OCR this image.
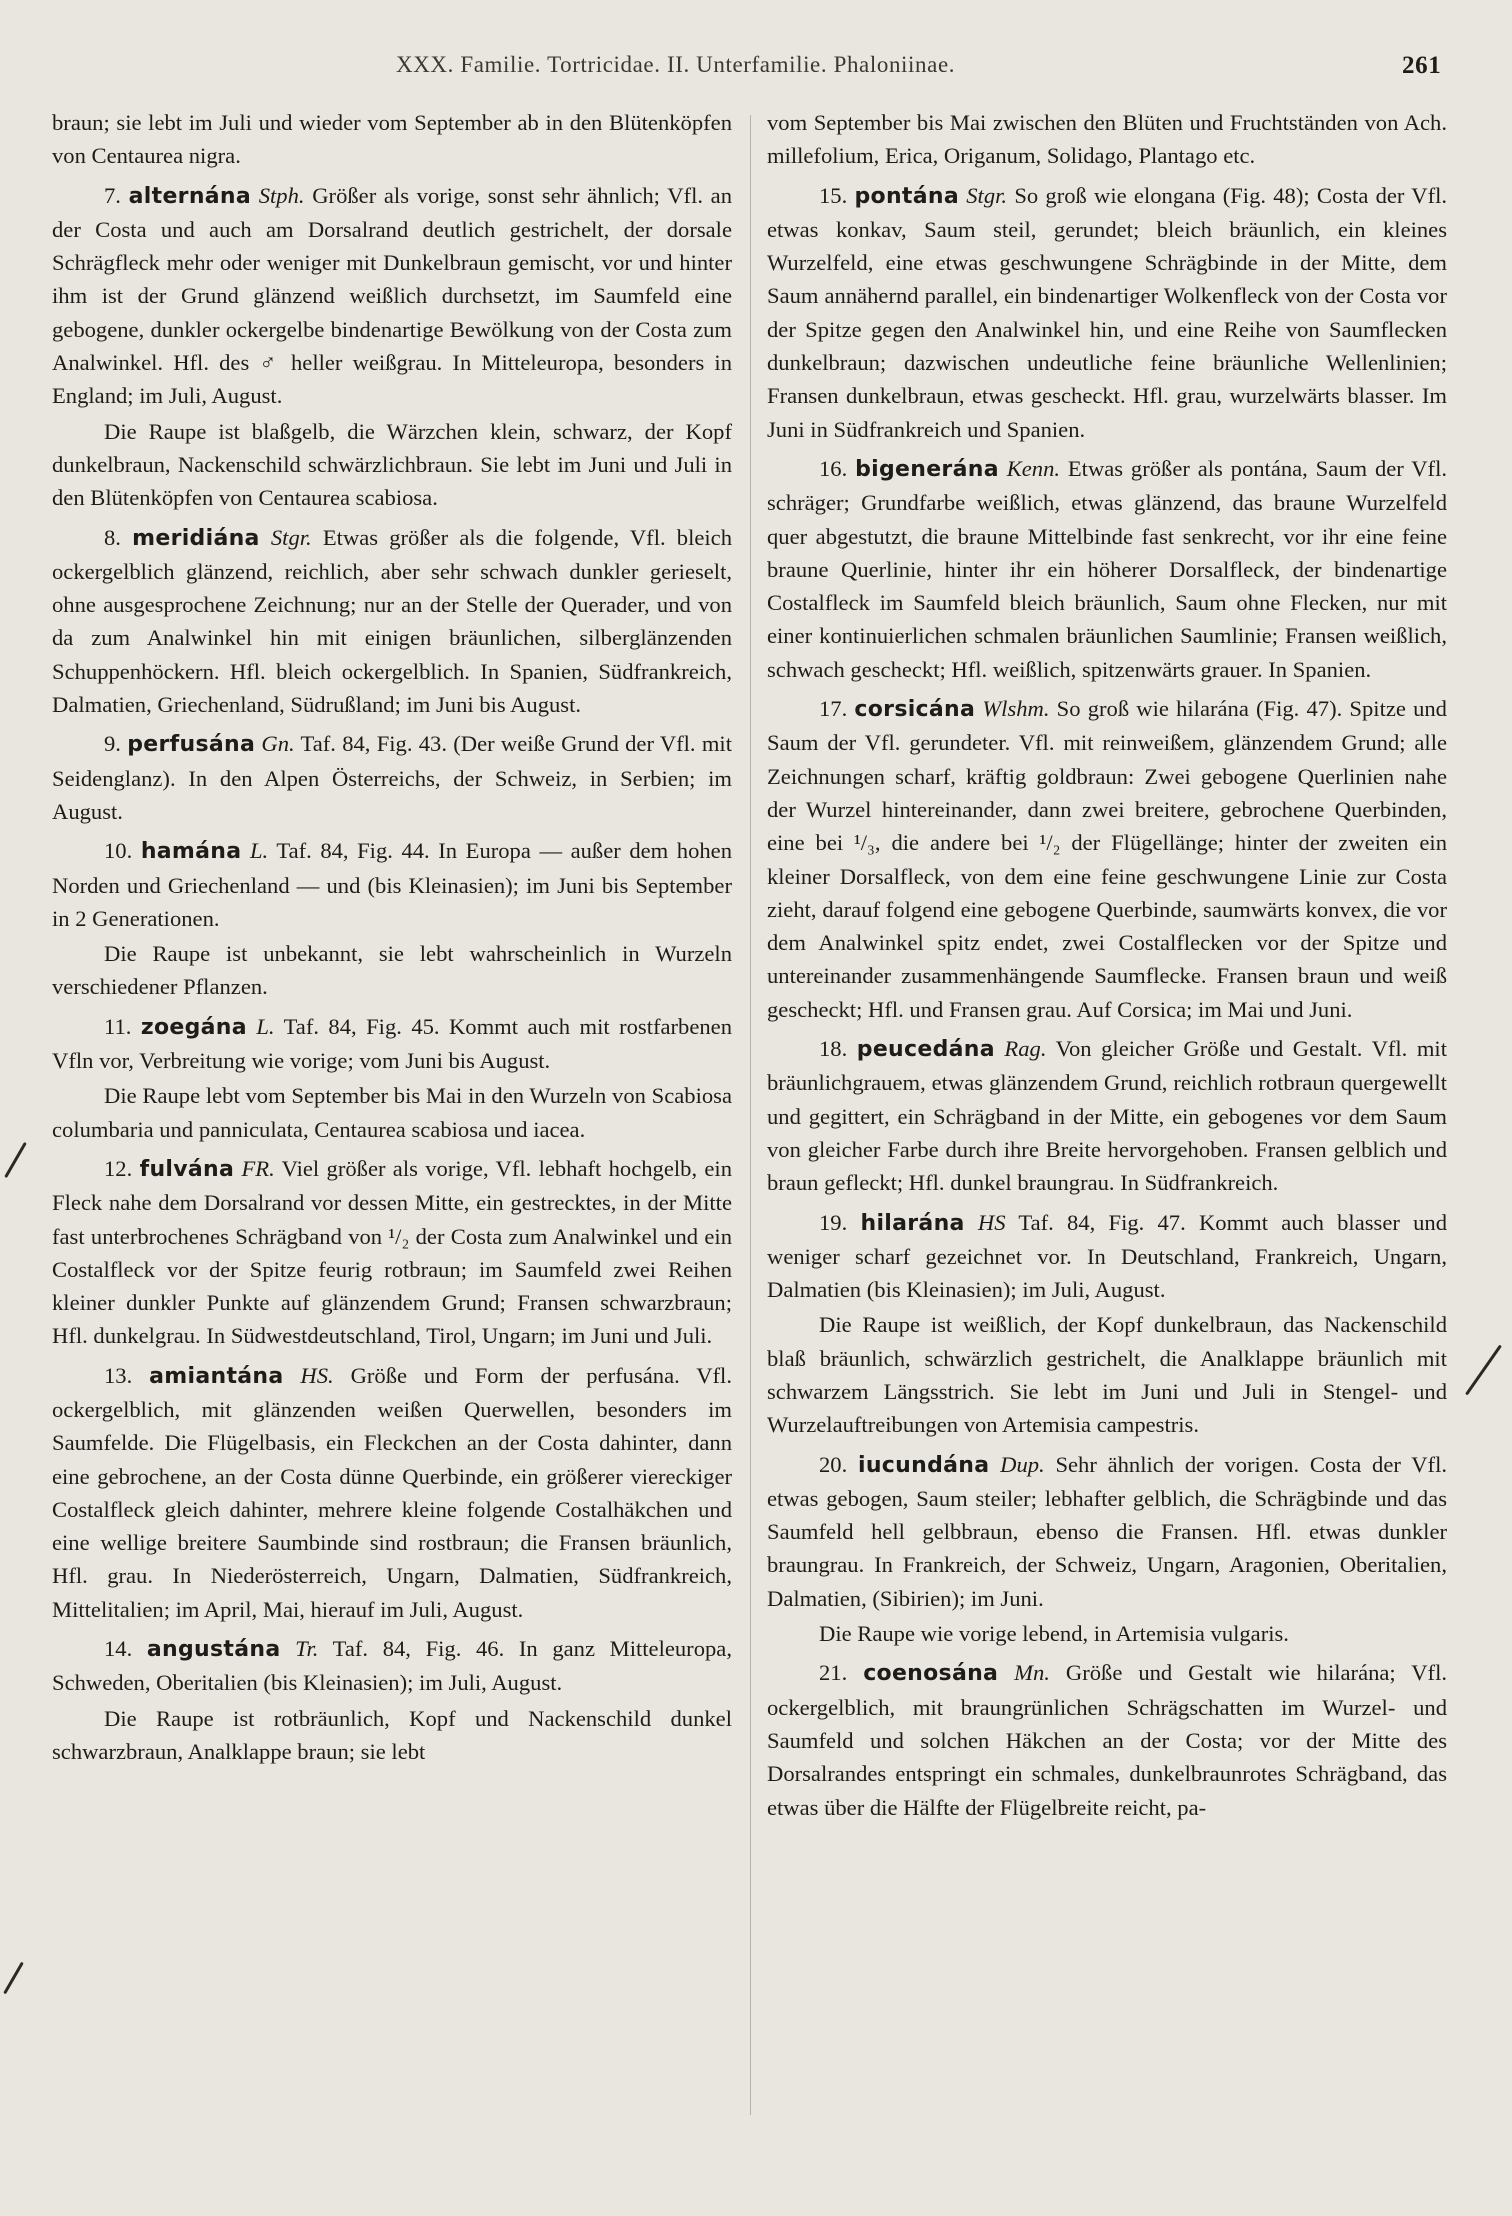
XXX. Familie. Tortricidae. II. Unterfamilie. Phaloniinae.	261

braun; sie lebt im Juli und wieder vom September ab in den Blütenköpfen von Centaurea nigra.

7. alternána Stph. Größer als vorige, sonst sehr ähnlich; Vfl. an der Costa und auch am Dorsalrand deutlich gestrichelt, der dorsale Schrägfleck mehr oder weniger mit Dunkelbraun gemischt, vor und hinter ihm ist der Grund glänzend weißlich durchsetzt, im Saumfeld eine gebogene, dunkler ockergelbe bindenartige Bewölkung von der Costa zum Analwinkel. Hfl. des ♂ heller weißgrau. In Mitteleuropa, besonders in England; im Juli, August.

Die Raupe ist blaßgelb, die Wärzchen klein, schwarz, der Kopf dunkelbraun, Nackenschild schwärzlichbraun. Sie lebt im Juni und Juli in den Blütenköpfen von Centaurea scabiosa.

8. meridiána Stgr. Etwas größer als die folgende, Vfl. bleich ockergelblich glänzend, reichlich, aber sehr schwach dunkler gerieselt, ohne ausgesprochene Zeichnung; nur an der Stelle der Querader, und von da zum Analwinkel hin mit einigen bräunlichen, silberglänzenden Schuppenhöckern. Hfl. bleich ockergelblich. In Spanien, Südfrankreich, Dalmatien, Griechenland, Südrußland; im Juni bis August.

9. perfusána Gn. Taf. 84, Fig. 43. (Der weiße Grund der Vfl. mit Seidenglanz). In den Alpen Österreichs, der Schweiz, in Serbien; im August.

10. hamána L. Taf. 84, Fig. 44. In Europa — außer dem hohen Norden und Griechenland — und (bis Kleinasien); im Juni bis September in 2 Generationen.

Die Raupe ist unbekannt, sie lebt wahrscheinlich in Wurzeln verschiedener Pflanzen.

11. zoegána L. Taf. 84, Fig. 45. Kommt auch mit rostfarbenen Vfln vor, Verbreitung wie vorige; vom Juni bis August.

Die Raupe lebt vom September bis Mai in den Wurzeln von Scabiosa columbaria und panniculata, Centaurea scabiosa und iacea.

12. fulvána FR. Viel größer als vorige, Vfl. lebhaft hochgelb, ein Fleck nahe dem Dorsalrand vor dessen Mitte, ein gestrecktes, in der Mitte fast unterbrochenes Schrägband von ¹/₂ der Costa zum Analwinkel und ein Costalfleck vor der Spitze feurig rotbraun; im Saumfeld zwei Reihen kleiner dunkler Punkte auf glänzendem Grund; Fransen schwarzbraun; Hfl. dunkelgrau. In Südwestdeutschland, Tirol, Ungarn; im Juni und Juli.

13. amiantána HS. Größe und Form der perfusána. Vfl. ockergelblich, mit glänzenden weißen Querwellen, besonders im Saumfelde. Die Flügelbasis, ein Fleckchen an der Costa dahinter, dann eine gebrochene, an der Costa dünne Querbinde, ein größerer viereckiger Costalfleck gleich dahinter, mehrere kleine folgende Costalhäkchen und eine wellige breitere Saumbinde sind rostbraun; die Fransen bräunlich, Hfl. grau. In Niederösterreich, Ungarn, Dalmatien, Südfrankreich, Mittelitalien; im April, Mai, hierauf im Juli, August.

14. angustána Tr. Taf. 84, Fig. 46. In ganz Mitteleuropa, Schweden, Oberitalien (bis Kleinasien); im Juli, August.

Die Raupe ist rotbräunlich, Kopf und Nackenschild dunkel schwarzbraun, Analklappe braun; sie lebt

vom September bis Mai zwischen den Blüten und Fruchtständen von Ach. millefolium, Erica, Origanum, Solidago, Plantago etc.

15. pontána Stgr. So groß wie elongana (Fig. 48); Costa der Vfl. etwas konkav, Saum steil, gerundet; bleich bräunlich, ein kleines Wurzelfeld, eine etwas geschwungene Schrägbinde in der Mitte, dem Saum annähernd parallel, ein bindenartiger Wolkenfleck von der Costa vor der Spitze gegen den Analwinkel hin, und eine Reihe von Saumflecken dunkelbraun; dazwischen undeutliche feine bräunliche Wellenlinien; Fransen dunkelbraun, etwas gescheckt. Hfl. grau, wurzelwärts blasser. Im Juni in Südfrankreich und Spanien.

16. bigenerána Kenn. Etwas größer als pontána, Saum der Vfl. schräger; Grundfarbe weißlich, etwas glänzend, das braune Wurzelfeld quer abgestutzt, die braune Mittelbinde fast senkrecht, vor ihr eine feine braune Querlinie, hinter ihr ein höherer Dorsalfleck, der bindenartige Costalfleck im Saumfeld bleich bräunlich, Saum ohne Flecken, nur mit einer kontinuierlichen schmalen bräunlichen Saumlinie; Fransen weißlich, schwach gescheckt; Hfl. weißlich, spitzenwärts grauer. In Spanien.

17. corsicána Wlshm. So groß wie hilarána (Fig. 47). Spitze und Saum der Vfl. gerundeter. Vfl. mit reinweißem, glänzendem Grund; alle Zeichnungen scharf, kräftig goldbraun: Zwei gebogene Querlinien nahe der Wurzel hintereinander, dann zwei breitere, gebrochene Querbinden, eine bei ¹/₃, die andere bei ¹/₂ der Flügellänge; hinter der zweiten ein kleiner Dorsalfleck, von dem eine feine geschwungene Linie zur Costa zieht, darauf folgend eine gebogene Querbinde, saumwärts konvex, die vor dem Analwinkel spitz endet, zwei Costalflecken vor der Spitze und untereinander zusammenhängende Saumflecke. Fransen braun und weiß gescheckt; Hfl. und Fransen grau. Auf Corsica; im Mai und Juni.

18. peucedána Rag. Von gleicher Größe und Gestalt. Vfl. mit bräunlichgrauem, etwas glänzendem Grund, reichlich rotbraun quergewellt und gegittert, ein Schrägband in der Mitte, ein gebogenes vor dem Saum von gleicher Farbe durch ihre Breite hervorgehoben. Fransen gelblich und braun gefleckt; Hfl. dunkel braungrau. In Südfrankreich.

19. hilarána HS Taf. 84, Fig. 47. Kommt auch blasser und weniger scharf gezeichnet vor. In Deutschland, Frankreich, Ungarn, Dalmatien (bis Kleinasien); im Juli, August.

Die Raupe ist weißlich, der Kopf dunkelbraun, das Nackenschild blaß bräunlich, schwärzlich gestrichelt, die Analklappe bräunlich mit schwarzem Längsstrich. Sie lebt im Juni und Juli in Stengel- und Wurzelauftreibungen von Artemisia campestris.

20. iucundána Dup. Sehr ähnlich der vorigen. Costa der Vfl. etwas gebogen, Saum steiler; lebhafter gelblich, die Schrägbinde und das Saumfeld hell gelbbraun, ebenso die Fransen. Hfl. etwas dunkler braungrau. In Frankreich, der Schweiz, Ungarn, Aragonien, Oberitalien, Dalmatien, (Sibirien); im Juni.

Die Raupe wie vorige lebend, in Artemisia vulgaris.

21. coenosána Mn. Größe und Gestalt wie hilarána; Vfl. ockergelblich, mit braungrünlichen Schrägschatten im Wurzel- und Saumfeld und solchen Häkchen an der Costa; vor der Mitte des Dorsalrandes entspringt ein schmales, dunkelbraunrotes Schrägband, das etwas über die Hälfte der Flügelbreite reicht, pa-
